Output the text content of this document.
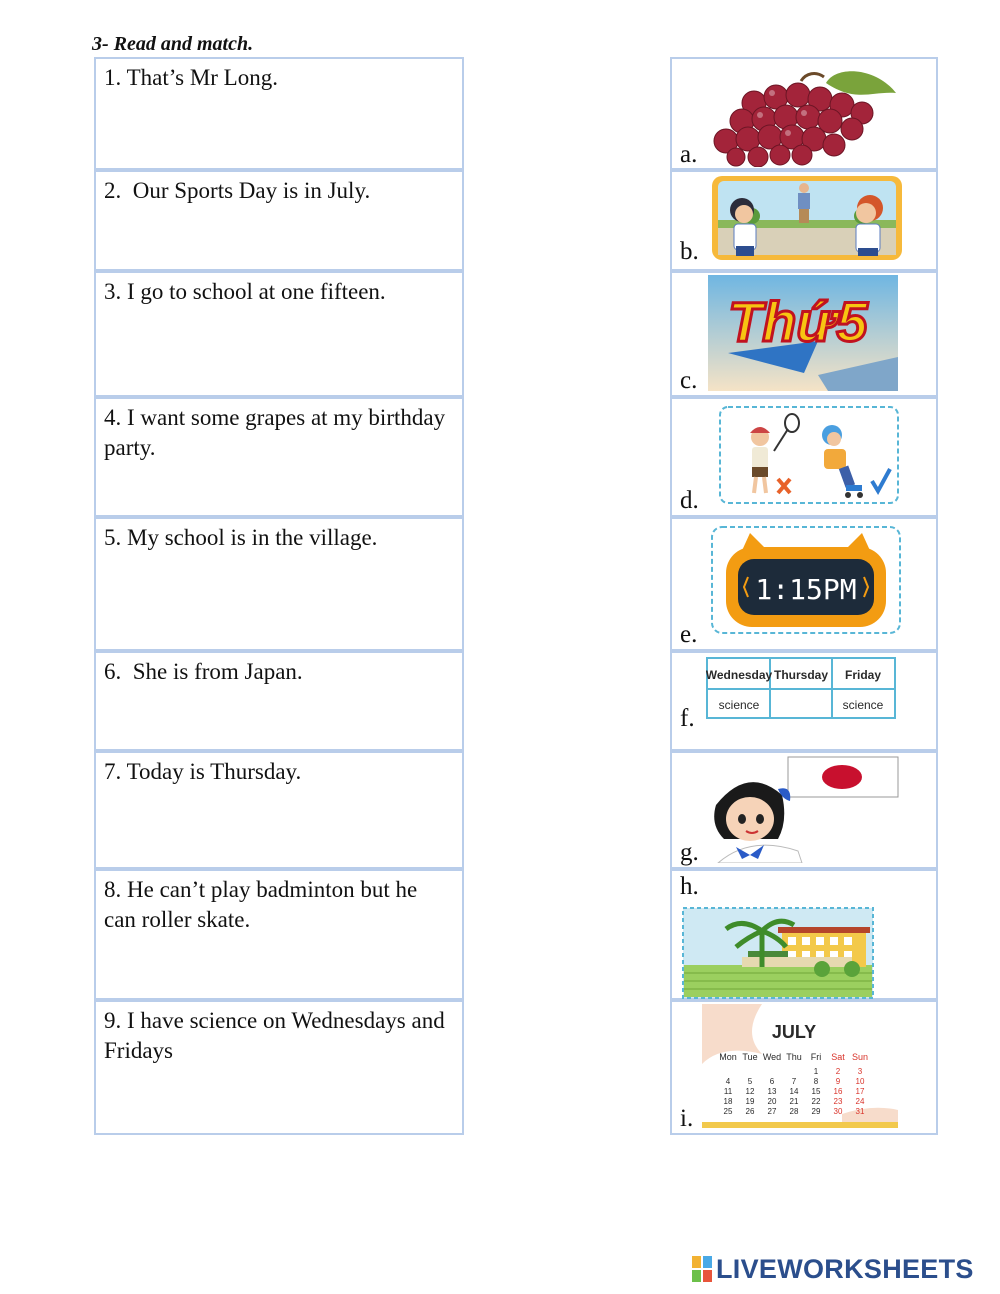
3- Read and match.
1. That’s Mr Long.
2.  Our Sports Day is in July.
3. I go to school at one fifteen.
4. I want some grapes at my birthday party.
5. My school is in the village.
6.  She is from Japan.
7. Today is Thursday.
8. He can’t play badminton but he can roller skate.
9. I have science on Wednesdays and Fridays
a.
b.
c.
Thứ5
d.
e.
1:15PM
f.
Wednesday Thursday Friday
science	science
g.
h.
i.
JULY
Mon Tue Wed Thu Fri Sat Sun
1 2 3
4 5 6 7 8 9 10
11 12 13 14 15 16 17
18 19 20 21 22 23 24
25 26 27 28 29 30 31
LIVEWORKSHEETS
